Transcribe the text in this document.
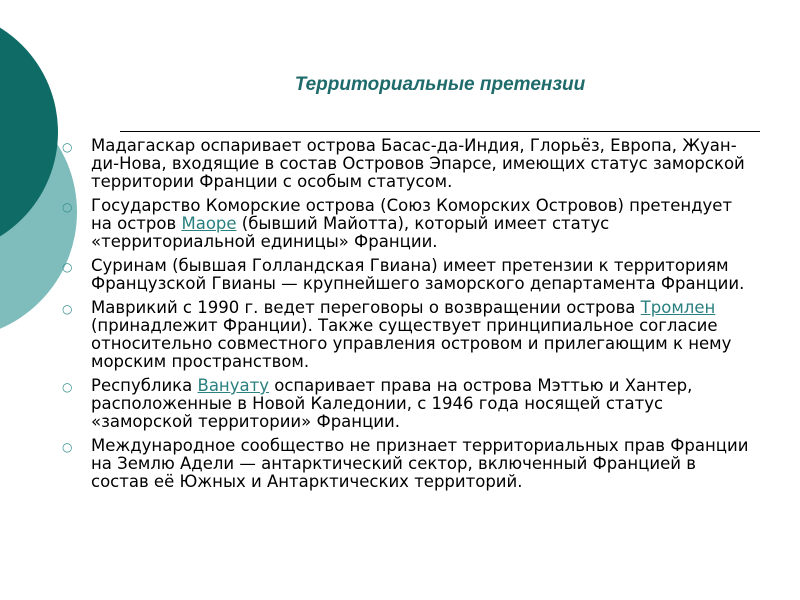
Территориальные претензии
○ Мадагаскар оспаривает острова Басас-да-Индия, Глорьёз, Европа, Жуан-ди-Нова, входящие в состав Островов Эпарсе, имеющих статус заморской территории Франции с особым статусом.
○ Государство Коморские острова (Союз Коморских Островов) претендует на остров Маоре (бывший Майотта), который имеет статус «территориальной единицы» Франции.
○ Суринам (бывшая Голландская Гвиана) имеет претензии к территориям Французской Гвианы — крупнейшего заморского департамента Франции.
○ Маврикий с 1990 г. ведет переговоры о возвращении острова Тромлен (принадлежит Франции). Также существует принципиальное согласие относительно совместного управления островом и прилегающим к нему морским пространством.
○ Республика Вануату оспаривает права на острова Мэттью и Хантер, расположенные в Новой Каледонии, с 1946 года носящей статус «заморской территории» Франции.
○ Международное сообщество не признает территориальных прав Франции на Землю Адели — антарктический сектор, включенный Францией в состав её Южных и Антарктических территорий.
